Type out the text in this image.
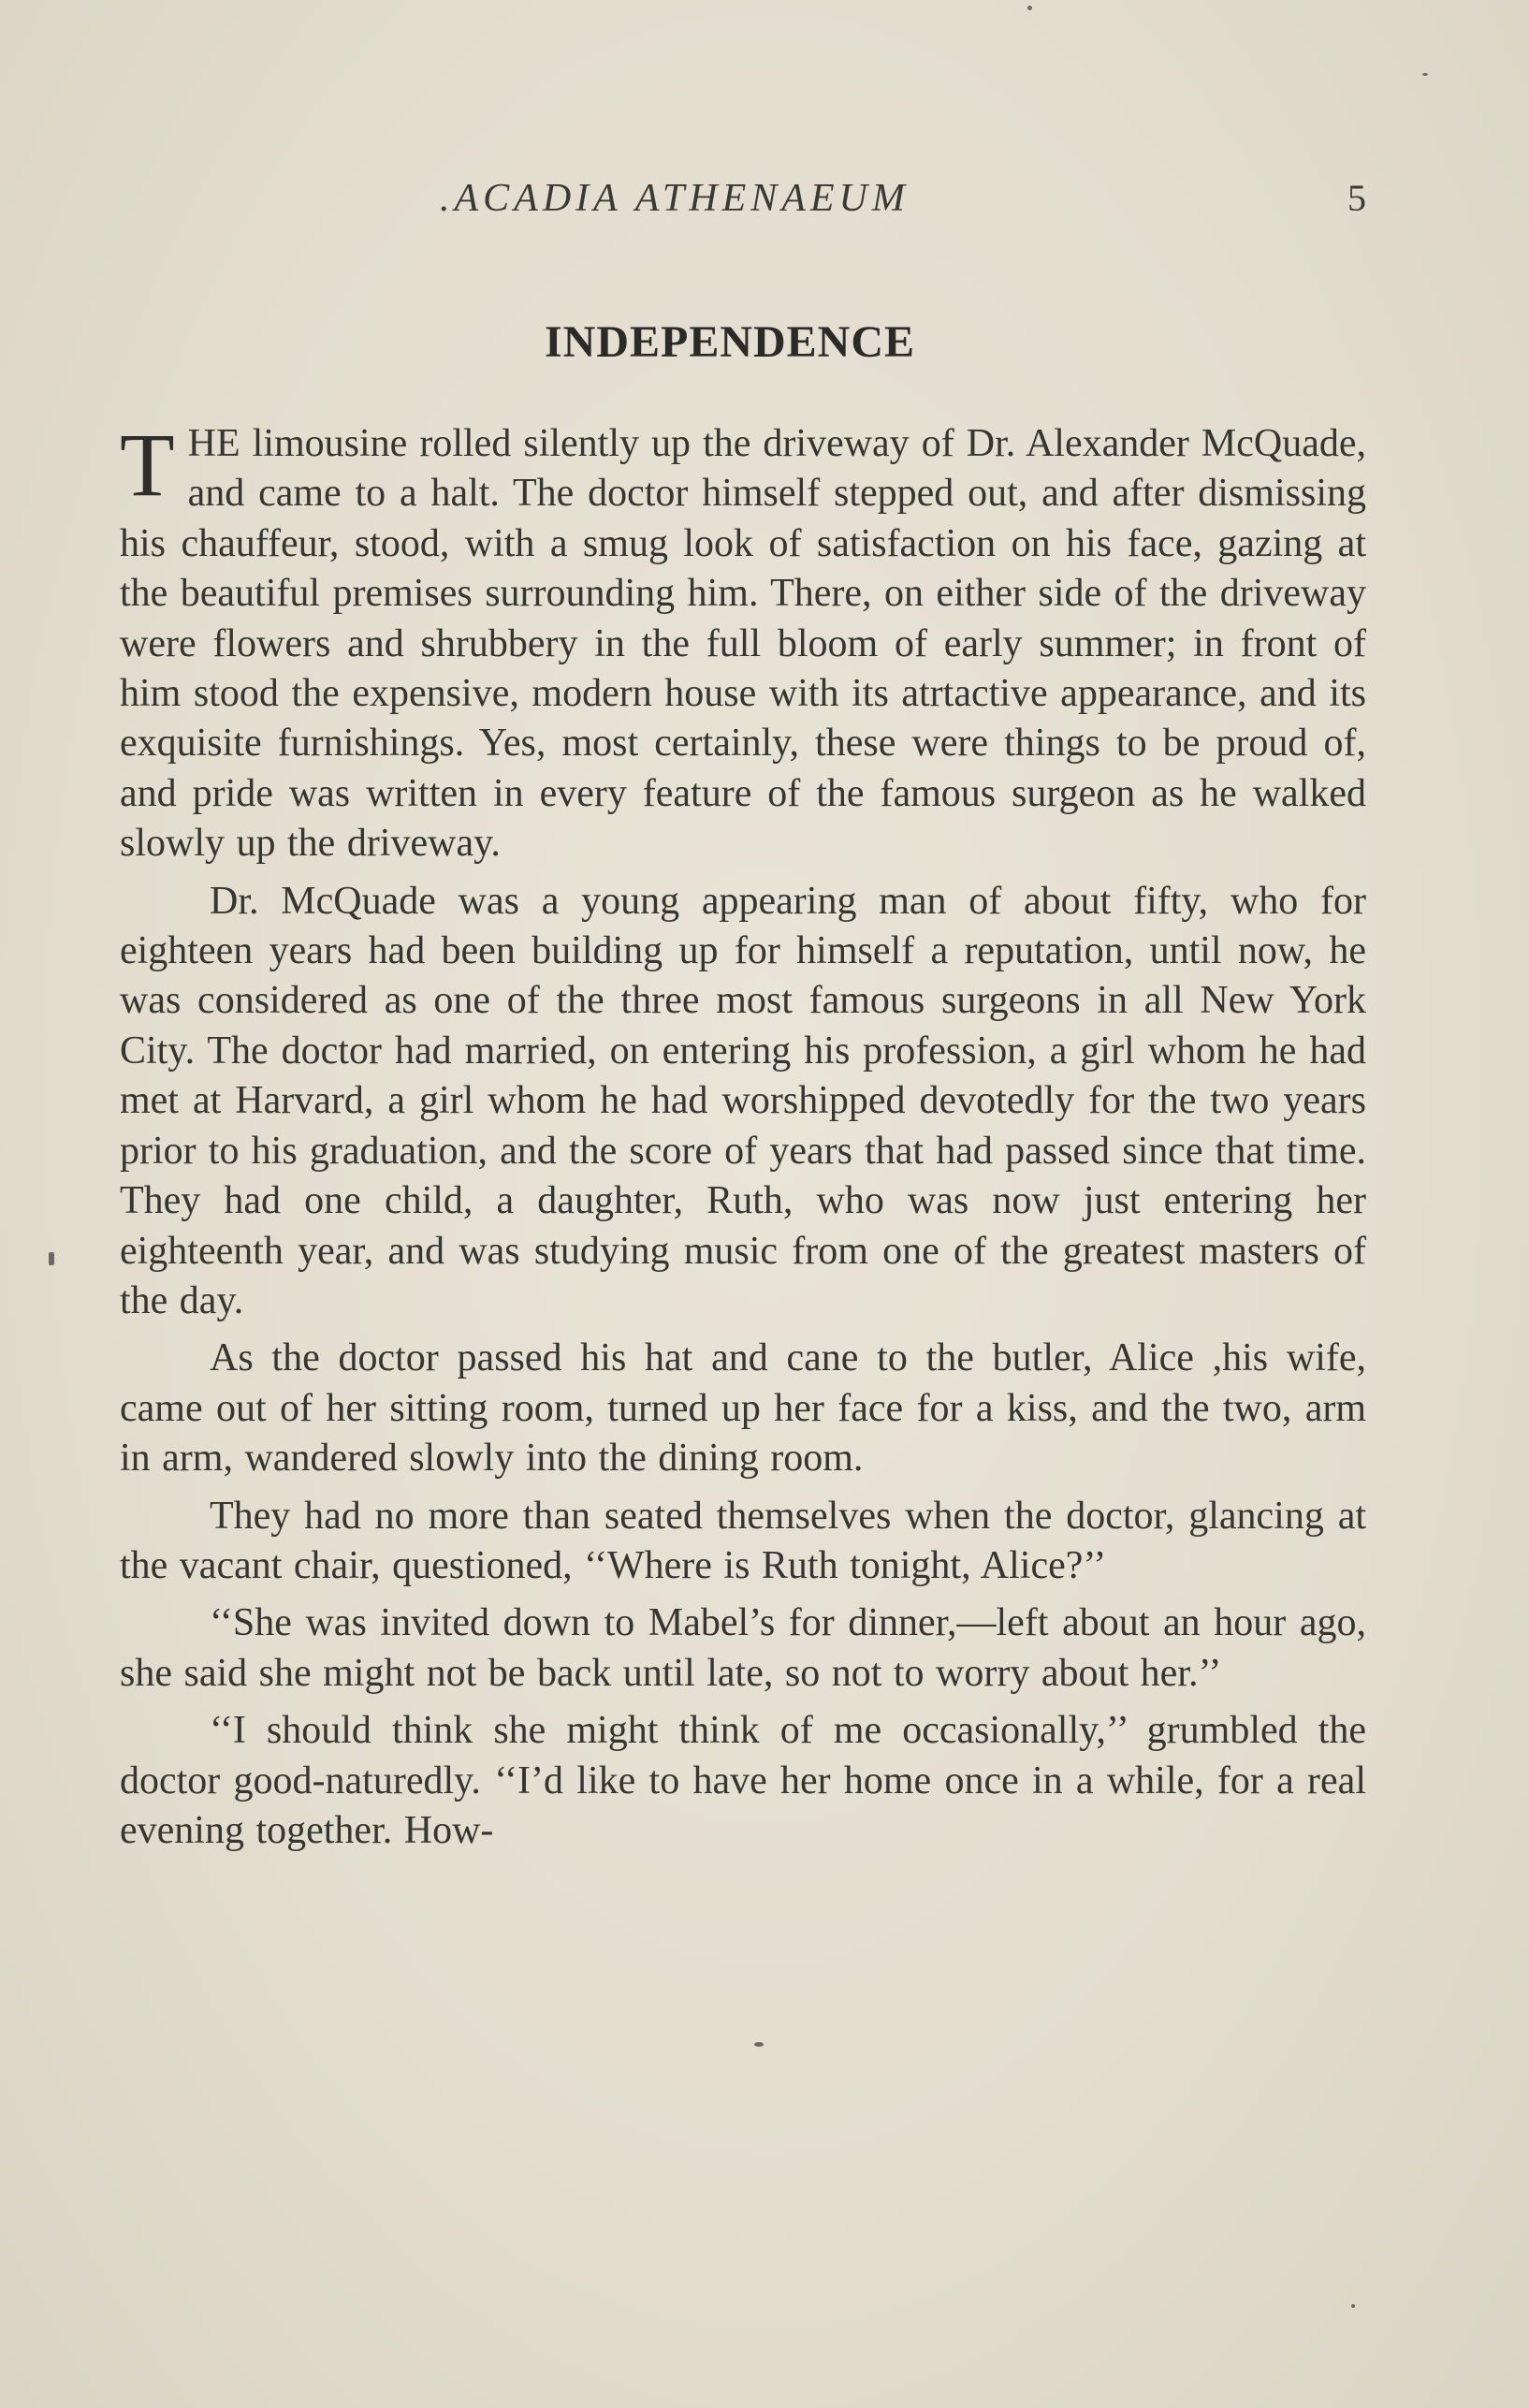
.ACADIA ATHENAEUM	5
INDEPENDENCE

T HE limousine rolled silently up the driveway of Dr. Alexander McQuade, and came to a halt. The doctor himself stepped out, and after dismissing his chauffeur, stood, with a smug look of satisfaction on his face, gazing at the beautiful premises surrounding him. There, on either side of the driveway were flowers and shrubbery in the full bloom of early summer; in front of him stood the expensive, modern house with its atrtactive appearance, and its exquisite furnishings. Yes, most certainly, these were things to be proud of, and pride was written in every feature of the famous surgeon as he walked slowly up the driveway.

Dr. McQuade was a young appearing man of about fifty, who for eighteen years had been building up for himself a reputation, until now, he was considered as one of the three most famous surgeons in all New York City. The doctor had married, on entering his profession, a girl whom he had met at Harvard, a girl whom he had worshipped devotedly for the two years prior to his graduation, and the score of years that had passed since that time. They had one child, a daughter, Ruth, who was now just entering her eighteenth year, and was studying music from one of the greatest masters of the day.

As the doctor passed his hat and cane to the butler, Alice ,his wife, came out of her sitting room, turned up her face for a kiss, and the two, arm in arm, wandered slowly into the dining room.

They had no more than seated themselves when the doctor, glancing at the vacant chair, questioned, ‘‘Where is Ruth tonight, Alice?’’

‘‘She was invited down to Mabel’s for dinner,—left about an hour ago, she said she might not be back until late, so not to worry about her.’’

‘‘I should think she might think of me occasionally,’’ grumbled the doctor good-naturedly. ‘‘I’d like to have her home once in a while, for a real evening together. How-
